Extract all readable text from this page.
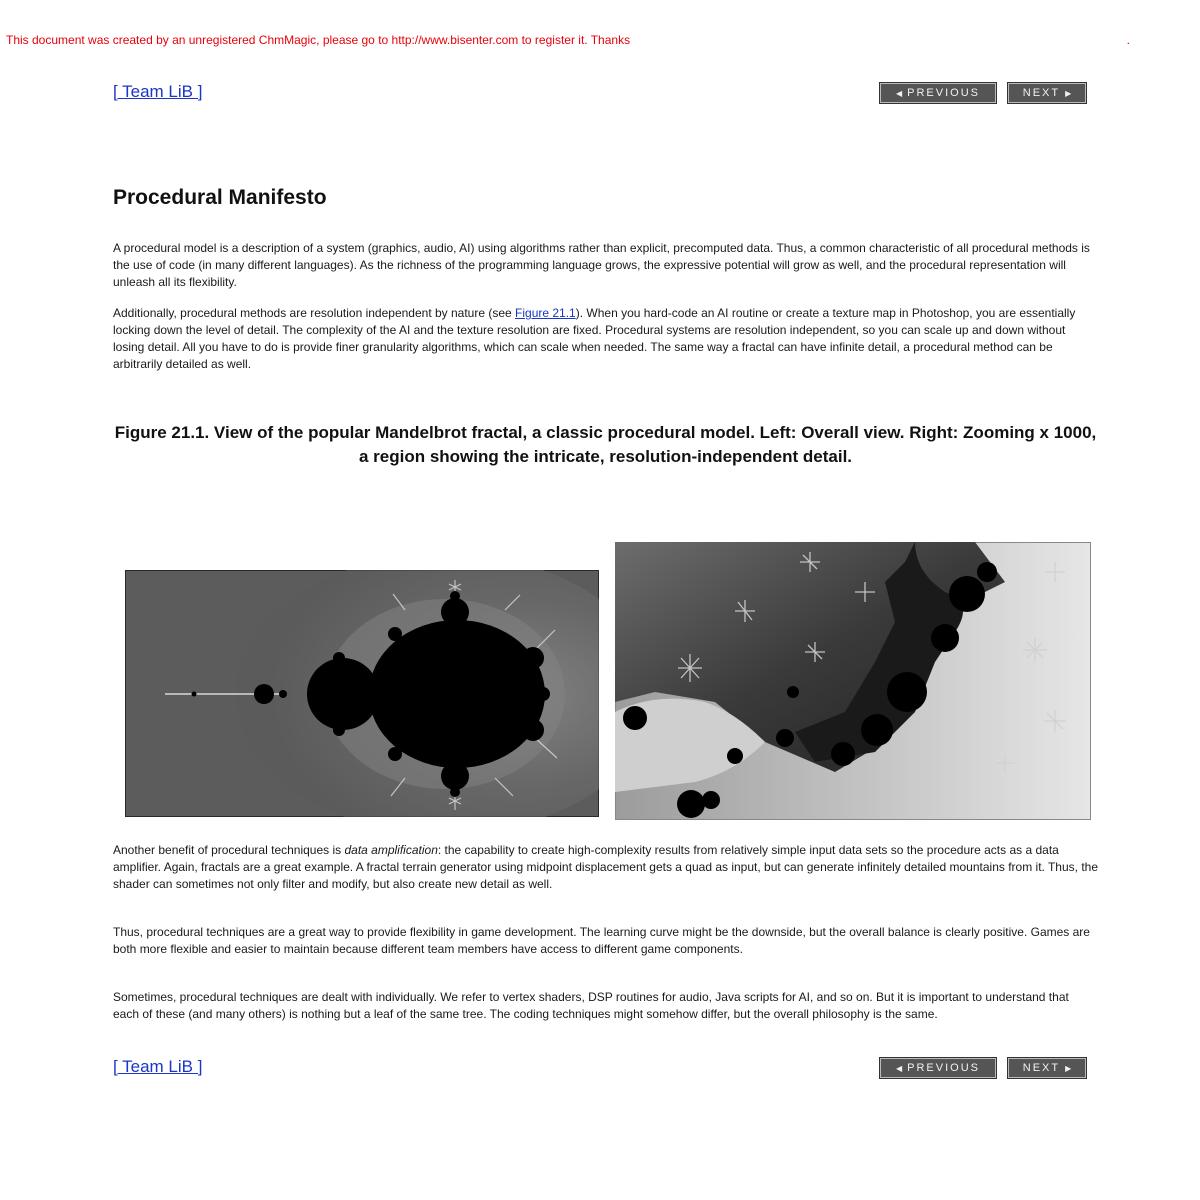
This document was created by an unregistered ChmMagic, please go to http://www.bisenter.com to register it. Thanks	.
[ Team LiB ]	◀ PREVIOUS	NEXT ▶
Procedural Manifesto

A procedural model is a description of a system (graphics, audio, AI) using algorithms rather than explicit, precomputed data. Thus, a common characteristic of all procedural methods is the use of code (in many different languages). As the richness of the programming language grows, the expressive potential will grow as well, and the procedural representation will unleash all its flexibility.

Additionally, procedural methods are resolution independent by nature (see Figure 21.1). When you hard-code an AI routine or create a texture map in Photoshop, you are essentially locking down the level of detail. The complexity of the AI and the texture resolution are fixed. Procedural systems are resolution independent, so you can scale up and down without losing detail. All you have to do is provide finer granularity algorithms, which can scale when needed. The same way a fractal can have infinite detail, a procedural method can be arbitrarily detailed as well.

Figure 21.1. View of the popular Mandelbrot fractal, a classic procedural model. Left: Overall view. Right: Zooming x 1000, a region showing the intricate, resolution-independent detail.

Another benefit of procedural techniques is data amplification: the capability to create high-complexity results from relatively simple input data sets so the procedure acts as a data amplifier. Again, fractals are a great example. A fractal terrain generator using midpoint displacement gets a quad as input, but can generate infinitely detailed mountains from it. Thus, the shader can sometimes not only filter and modify, but also create new detail as well.

Thus, procedural techniques are a great way to provide flexibility in game development. The learning curve might be the downside, but the overall balance is clearly positive. Games are both more flexible and easier to maintain because different team members have access to different game components.

Sometimes, procedural techniques are dealt with individually. We refer to vertex shaders, DSP routines for audio, Java scripts for AI, and so on. But it is important to understand that each of these (and many others) is nothing but a leaf of the same tree. The coding techniques might somehow differ, but the overall philosophy is the same.

[ Team LiB ]	◀ PREVIOUS	NEXT ▶
